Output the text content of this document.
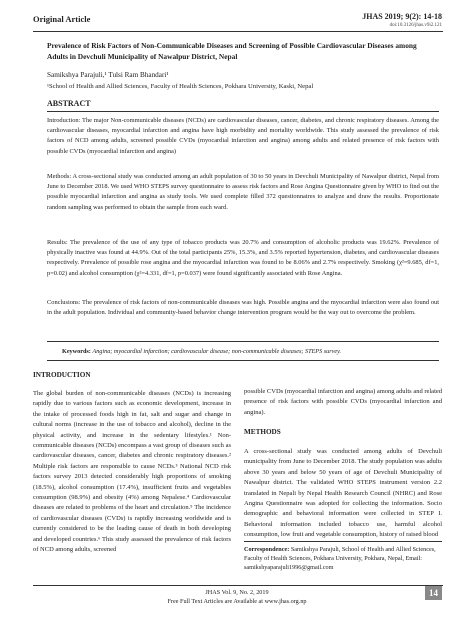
Original Article	JHAS 2019; 9(2): 14-18
doi:10.3126/jhas.v9i2.121
Prevalence of Risk Factors of Non-Communicable Diseases and Screening of Possible Cardiovascular Diseases among Adults in Devchuli Municipality of Nawalpur District, Nepal
Samikshya Parajuli,¹ Tulsi Ram Bhandari¹
¹School of Health and Allied Sciences, Faculty of Health Sciences, Pokhara University, Kaski, Nepal
ABSTRACT

Introduction: The major Non-communicable diseases (NCDs) are cardiovascular diseases, cancer, diabetes, and chronic respiratory diseases. Among the cardiovascular diseases, myocardial infarction and angina have high morbidity and mortality worldwide. This study assessed the prevalence of risk factors of NCD among adults, screened possible CVDs (myocardial infarction and angina) among adults and related presence of risk factors with possible CVDs (myocardial infarction and angina)

Methods: A cross-sectional study was conducted among an adult population of 30 to 50 years in Devchuli Municipality of Nawalpur district, Nepal from June to December 2018. We used WHO STEPS survey questionnaire to assess risk factors and Rose Angina Questionnaire given by WHO to find out the possible myocardial infarction and angina as study tools. We used complete filled 372 questionnaires to analyze and draw the results. Proportionate random sampling was performed to obtain the sample from each ward.

Results: The prevalence of the use of any type of tobacco products was 20.7% and consumption of alcoholic products was 19.62%. Prevalence of physically inactive was found at 44.9%. Out of the total participants 25%, 15.3%, and 3.5% reported hypertension, diabetes, and cardiovascular diseases respectively. Prevalence of possible rose angina and the myocardial infarction was found to be 8.06% and 2.7% respectively. Smoking (χ²=9.685, df=1, p=0.02) and alcohol consumption (χ²=4.331, df=1, p=0.037) were found significantly associated with Rose Angina.

Conclusions: The prevalence of risk factors of non-communicable diseases was high. Possible angina and the myocardial infarction were also found out in the adult population. Individual and community-based behavior change intervention program would be the way out to overcome the problem.

Keywords: Angina; myocardial infarction; cardiovascular disease; non-communicable diseases; STEPS survey.
INTRODUCTION

The global burden of non-communicable diseases (NCDs) is increasing rapidly due to various factors such as economic development, increase in the intake of processed foods high in fat, salt and sugar and change in cultural norms (increase in the use of tobacco and alcohol), decline in the physical activity, and increase in the sedentary lifestyles.¹ Non-communicable diseases (NCDs) encompass a vast group of diseases such as cardiovascular diseases, cancer, diabetes and chronic respiratory diseases.² Multiple risk factors are responsible to cause NCDs.³ National NCD risk factors survey 2013 detected considerably high proportions of smoking (18.5%), alcohol consumption (17.4%), insufficient fruits and vegetables consumption (98.9%) and obesity (4%) among Nepalese.⁴ Cardiovascular diseases are related to problems of the heart and circulation.⁵ The incidence of cardiovascular diseases (CVDs) is rapidly increasing worldwide and is currently considered to be the leading cause of death in both developing and developed countries.⁶ This study assessed the prevalence of risk factors of NCD among adults, screened

possible CVDs (myocardial infarction and angina) among adults and related presence of risk factors with possible CVDs (myocardial infarction and angina).

METHODS

A cross-sectional study was conducted among adults of Devchuli municipality from June to December 2018. The study population was adults above 30 years and below 50 years of age of Devchuli Municipality of Nawalpur district. The validated WHO STEPS instrument version 2.2 translated in Nepali by Nepal Health Research Council (NHRC) and Rose Angina Questionnaire was adopted for collecting the information. Socio demographic and behavioral information were collected in STEP I. Behavioral information included tobacco use, harmful alcohol consumption, low fruit and vegetable consumption, history of raised blood

Correspondence: Samikshya Parajuli, School of Health and Allied Sciences, Faculty of Health Sciences, Pokhara University, Pokhara, Nepal, Email: samikshyaparajuli1996@gmail.com
JHAS Vol. 9, No. 2, 2019
Free Full Text Articles are Available at www.jhas.org.np
14
